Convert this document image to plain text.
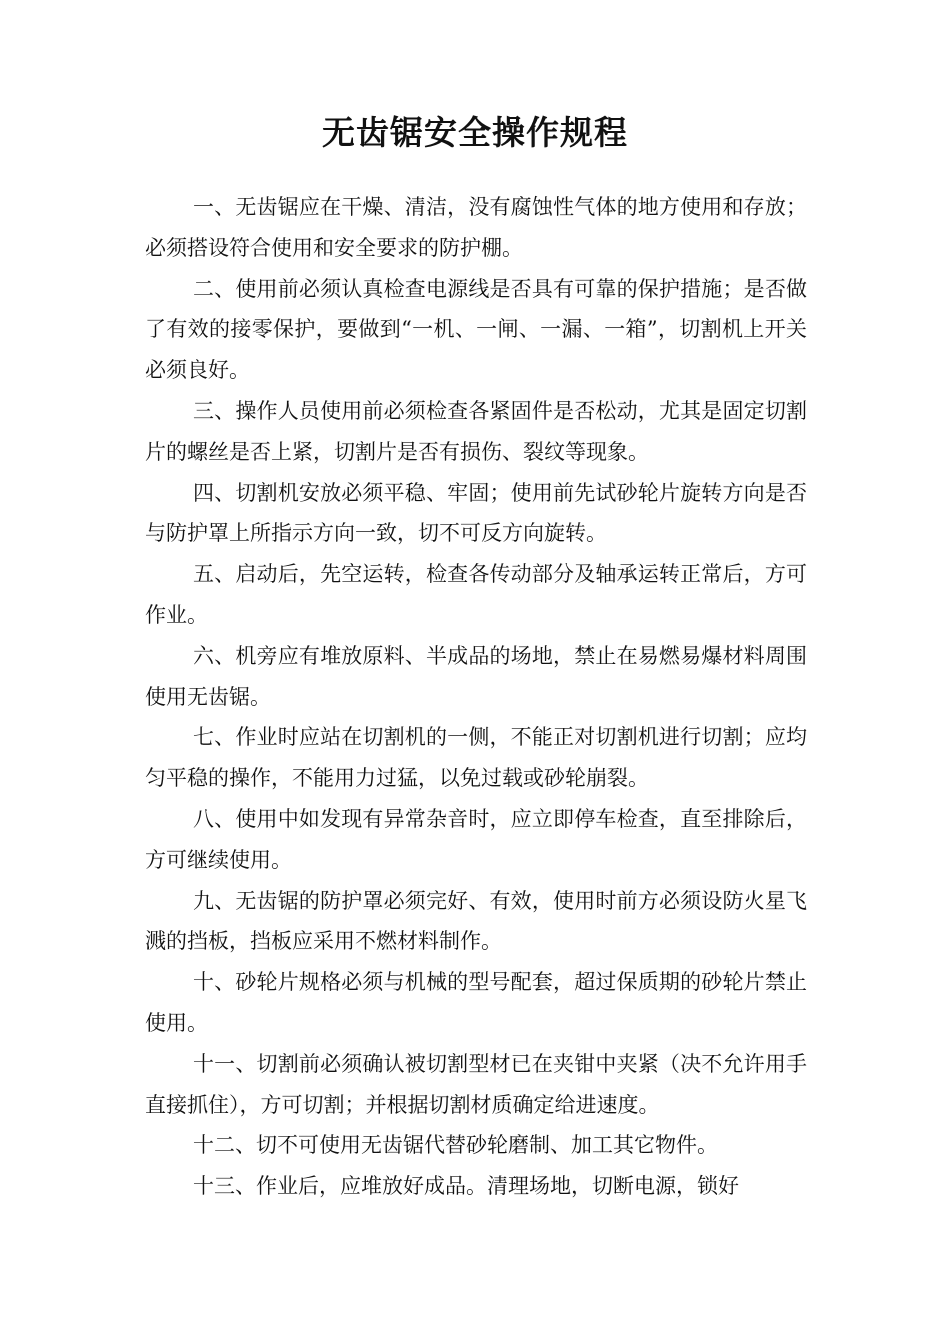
无齿锯安全操作规程

一、无齿锯应在干燥、清洁，没有腐蚀性气体的地方使用和存放；必须搭设符合使用和安全要求的防护棚。

二、使用前必须认真检查电源线是否具有可靠的保护措施；是否做了有效的接零保护，要做到“一机、一闸、一漏、一箱”，切割机上开关必须良好。

三、操作人员使用前必须检查各紧固件是否松动，尤其是固定切割片的螺丝是否上紧，切割片是否有损伤、裂纹等现象。

四、切割机安放必须平稳、牢固；使用前先试砂轮片旋转方向是否与防护罩上所指示方向一致，切不可反方向旋转。

五、启动后，先空运转，检查各传动部分及轴承运转正常后，方可作业。

六、机旁应有堆放原料、半成品的场地，禁止在易燃易爆材料周围使用无齿锯。

七、作业时应站在切割机的一侧，不能正对切割机进行切割；应均匀平稳的操作，不能用力过猛，以免过载或砂轮崩裂。

八、使用中如发现有异常杂音时，应立即停车检查，直至排除后，方可继续使用。

九、无齿锯的防护罩必须完好、有效，使用时前方必须设防火星飞溅的挡板，挡板应采用不燃材料制作。

十、砂轮片规格必须与机械的型号配套，超过保质期的砂轮片禁止使用。

十一、切割前必须确认被切割型材已在夹钳中夹紧（决不允许用手直接抓住），方可切割；并根据切割材质确定给进速度。

十二、切不可使用无齿锯代替砂轮磨制、加工其它物件。

十三、作业后，应堆放好成品。清理场地，切断电源，锁好
